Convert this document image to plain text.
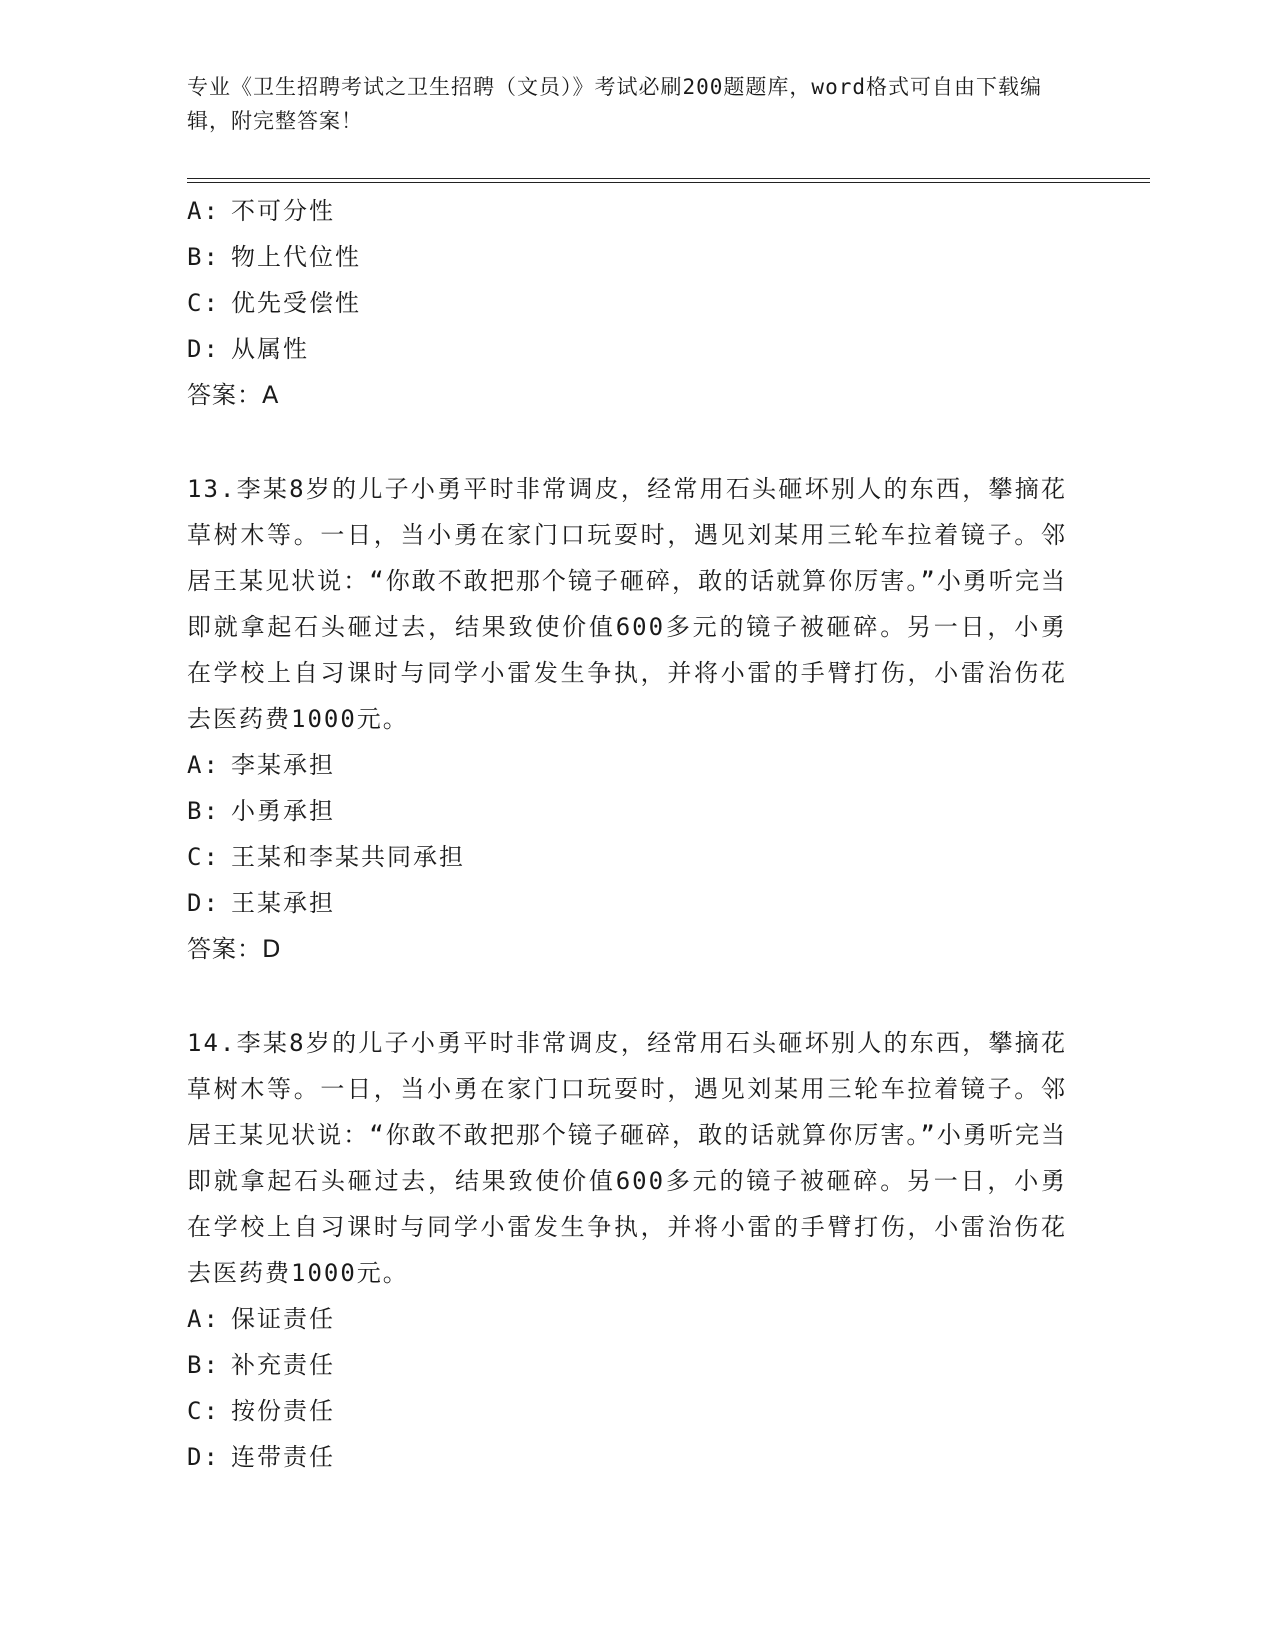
专业《卫生招聘考试之卫生招聘（文员）》考试必刷200题题库，word格式可自由下载编辑，附完整答案！
A: 不可分性
B: 物上代位性
C: 优先受偿性
D: 从属性
答案：A
13.李某8岁的儿子小勇平时非常调皮，经常用石头砸坏别人的东西，攀摘花草树木等。一日，当小勇在家门口玩耍时，遇见刘某用三轮车拉着镜子。邻居王某见状说：“你敢不敢把那个镜子砸碎，敢的话就算你厉害。”小勇听完当即就拿起石头砸过去，结果致使价值600多元的镜子被砸碎。另一日，小勇在学校上自习课时与同学小雷发生争执，并将小雷的手臂打伤，小雷治伤花去医药费1000元。
A: 李某承担
B: 小勇承担
C: 王某和李某共同承担
D: 王某承担
答案：D
14.李某8岁的儿子小勇平时非常调皮，经常用石头砸坏别人的东西，攀摘花草树木等。一日，当小勇在家门口玩耍时，遇见刘某用三轮车拉着镜子。邻居王某见状说：“你敢不敢把那个镜子砸碎，敢的话就算你厉害。”小勇听完当即就拿起石头砸过去，结果致使价值600多元的镜子被砸碎。另一日，小勇在学校上自习课时与同学小雷发生争执，并将小雷的手臂打伤，小雷治伤花去医药费1000元。
A: 保证责任
B: 补充责任
C: 按份责任
D: 连带责任
